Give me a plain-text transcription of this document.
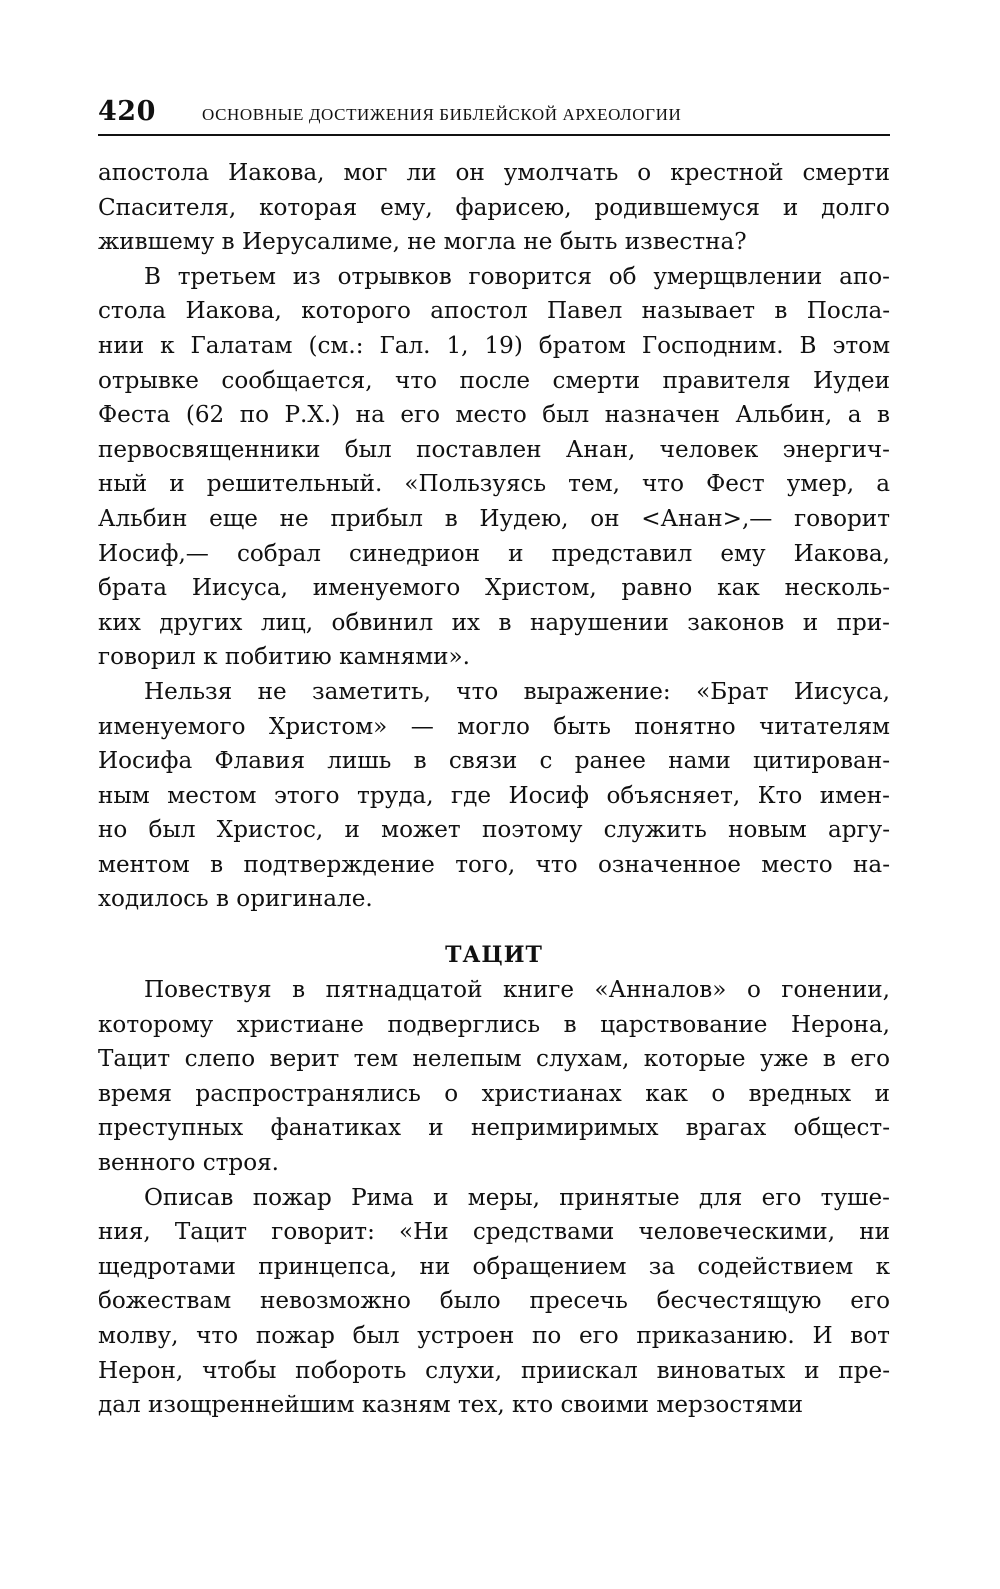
420	ОСНОВНЫЕ ДОСТИЖЕНИЯ БИБЛЕЙСКОЙ АРХЕОЛОГИИ
апостола Иакова, мог ли он умолчать о крестной смерти
Спасителя, которая ему, фарисею, родившемуся и долго
жившему в Иерусалиме, не могла не быть известна?
В третьем из отрывков говорится об умерщвлении апо-
стола Иакова, которого апостол Павел называет в Посла-
нии к Галатам (см.: Гал. 1, 19) братом Господним. В этом
отрывке сообщается, что после смерти правителя Иудеи
Феста (62 по Р.Х.) на его место был назначен Альбин, а в
первосвященники был поставлен Анан, человек энергич-
ный и решительный. «Пользуясь тем, что Фест умер, а
Альбин еще не прибыл в Иудею, он <Анан>,— говорит
Иосиф,— собрал синедрион и представил ему Иакова,
брата Иисуса, именуемого Христом, равно как несколь-
ких других лиц, обвинил их в нарушении законов и при-
говорил к побитию камнями».
Нельзя не заметить, что выражение: «Брат Иисуса,
именуемого Христом» — могло быть понятно читателям
Иосифа Флавия лишь в связи с ранее нами цитирован-
ным местом этого труда, где Иосиф объясняет, Кто имен-
но был Христос, и может поэтому служить новым аргу-
ментом в подтверждение того, что означенное место на-
ходилось в оригинале.
ТАЦИТ
Повествуя в пятнадцатой книге «Анналов» о гонении,
которому христиане подверглись в царствование Нерона,
Тацит слепо верит тем нелепым слухам, которые уже в его
время распространялись о христианах как о вредных и
преступных фанатиках и непримиримых врагах общест-
венного строя.
Описав пожар Рима и меры, принятые для его туше-
ния, Тацит говорит: «Ни средствами человеческими, ни
щедротами принцепса, ни обращением за содействием к
божествам невозможно было пресечь бесчестящую его
молву, что пожар был устроен по его приказанию. И вот
Нерон, чтобы побороть слухи, приискал виноватых и пре-
дал изощреннейшим казням тех, кто своими мерзостями
